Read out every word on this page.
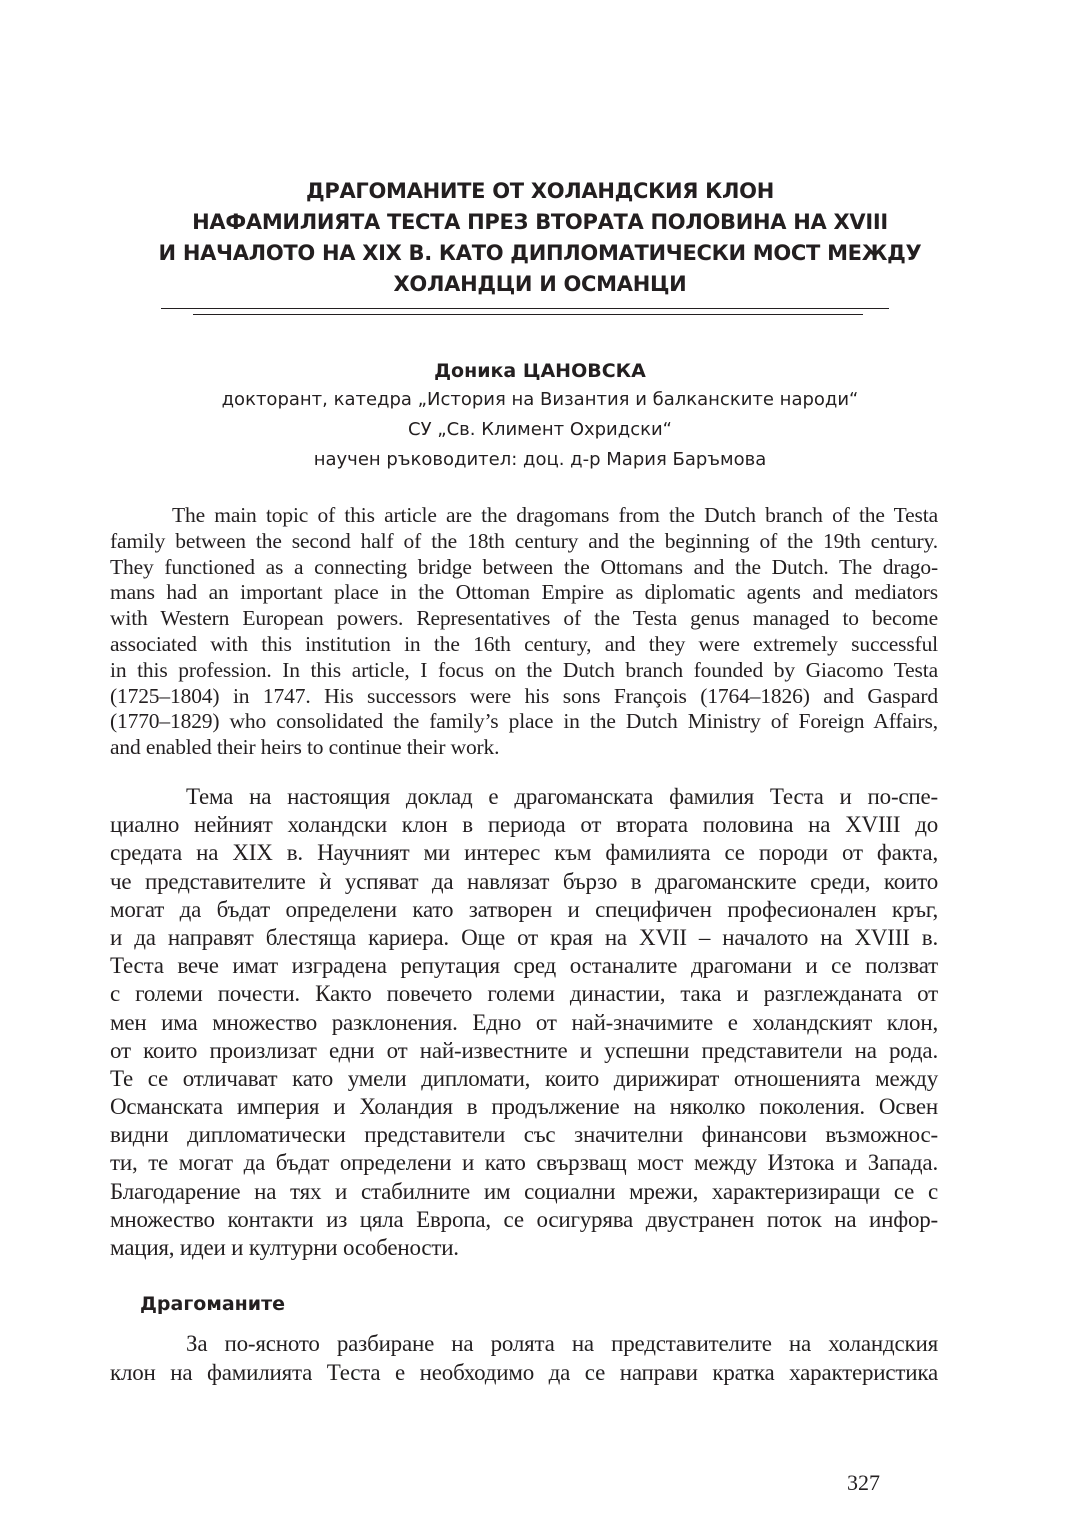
ДРАГОМАНИТЕ ОТ ХОЛАНДСКИЯ КЛОН
НАФАМИЛИЯТА ТЕСТА ПРЕЗ ВТОРАТА ПОЛОВИНА НА XVIII
И НАЧАЛОТО НА XIX В. КАТО ДИПЛОМАТИЧЕСКИ МОСТ МЕЖДУ
ХОЛАНДЦИ И ОСМАНЦИ
Доника ЦАНОВСКА
докторант, катедра „История на Византия и балканските народи“
СУ „Св. Климент Охридски“
научен ръководител: доц. д-р Мария Баръмова
The main topic of this article are the dragomans from the Dutch branch of the Testa
family between the second half of the 18th century and the beginning of the 19th century.
They functioned as a connecting bridge between the Ottomans and the Dutch. The drago-
mans had an important place in the Ottoman Empire as diplomatic agents and mediators
with Western European powers. Representatives of the Testa genus managed to become
associated with this institution in the 16th century, and they were extremely successful
in this profession. In this article, I focus on the Dutch branch founded by Giacomo Testa
(1725–1804) in 1747. His successors were his sons François (1764–1826) and Gaspard
(1770–1829) who consolidated the family’s place in the Dutch Ministry of Foreign Affairs,
and enabled their heirs to continue their work.
Тема на настоящия доклад е драгоманската фамилия Теста и по-спе-
циално нейният холандски клон в периода от втората половина на XVIII до
средата на XIX в. Научният ми интерес към фамилията се породи от факта,
че представителите ѝ успяват да навлязат бързо в драгоманските среди, които
могат да бъдат определени като затворен и специфичен професионален кръг,
и да направят блестяща кариера. Още от края на XVII – началото на XVIII в.
Теста вече имат изградена репутация сред останалите драгомани и се ползват
с големи почести. Както повечето големи династии, така и разглежданата от
мен има множество разклонения. Едно от най-значимите е холандският клон,
от които произлизат едни от най-известните и успешни представители на рода.
Те се отличават като умели дипломати, които дирижират отношенията между
Османската империя и Холандия в продължение на няколко поколения. Освен
видни дипломатически представители със значителни финансови възможнос-
ти, те могат да бъдат определени и като свързващ мост между Изтока и Запада.
Благодарение на тях и стабилните им социални мрежи, характеризиращи се с
множество контакти из цяла Европа, се осигурява двустранен поток на инфор-
мация, идеи и културни особености.
Драгоманите
За по-ясното разбиране на ролята на представителите на холандския
клон на фамилията Теста е необходимо да се направи кратка характеристика
327
